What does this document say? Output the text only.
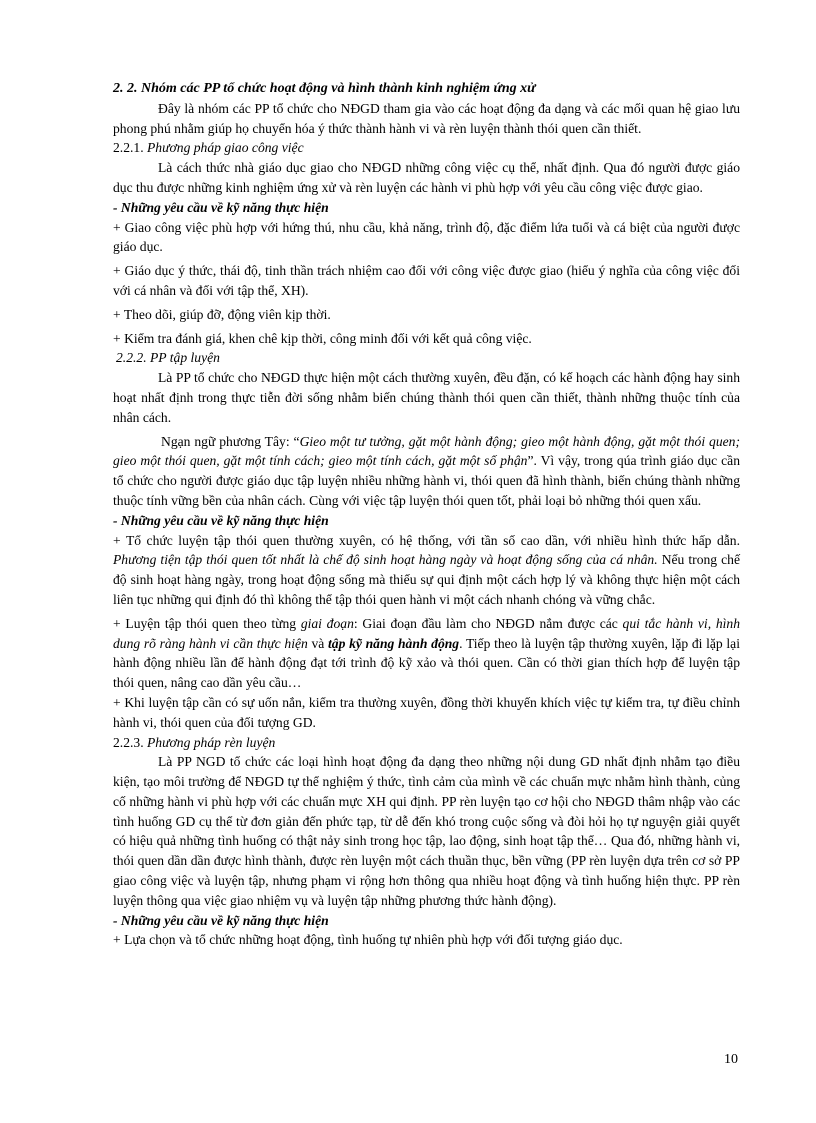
2. 2. Nhóm các PP tổ chức hoạt động và hình thành kinh nghiệm ứng xử

Đây là nhóm các PP tổ chức cho NĐGD tham gia vào các hoạt động đa dạng và các mối quan hệ giao lưu phong phú nhằm giúp họ chuyển hóa ý thức thành hành vi và rèn luyện thành thói quen cần thiết.

2.2.1. Phương pháp giao công việc

Là cách thức nhà giáo dục giao cho NĐGD những công việc cụ thể, nhất định. Qua đó người được giáo dục thu được những kinh nghiệm ứng xử và rèn luyện các hành vi phù hợp với yêu cầu công việc được giao.

- Những yêu cầu về kỹ năng thực hiện

+ Giao công việc phù hợp với hứng thú, nhu cầu, khả năng, trình độ, đặc điểm lứa tuổi và cá biệt của người được giáo dục.

+ Giáo dục ý thức, thái độ, tinh thần trách nhiệm cao đối với công việc được giao (hiểu ý nghĩa của công việc đối với cá nhân và đối với tập thể, XH).

+ Theo dõi, giúp đỡ, động viên kịp thời.

+ Kiểm tra đánh giá, khen chê kịp thời, công minh đối với kết quả công việc.

2.2.2. PP tập luyện

Là PP tổ chức cho NĐGD thực hiện một cách thường xuyên, đều đặn, có kế hoạch các hành động hay sinh hoạt nhất định trong thực tiễn đời sống nhằm biến chúng thành thói quen cần thiết, thành những thuộc tính của nhân cách.

Ngạn ngữ phương Tây: “Gieo một tư tưởng, gặt một hành động; gieo một hành động, gặt một thói quen; gieo một thói quen, gặt một tính cách; gieo một tính cách, gặt một số phận”. Vì vậy, trong qúa trình giáo dục cần tổ chức cho người được giáo dục tập luyện nhiều những hành vi, thói quen đã hình thành, biến chúng thành những thuộc tính vững bền của nhân cách. Cùng với việc tập luyện thói quen tốt, phải loại bỏ những thói quen xấu.

- Những yêu cầu về kỹ năng thực hiện

+ Tổ chức luyện tập thói quen thường xuyên, có hệ thống, với tần số cao dần, với nhiều hình thức hấp dẫn. Phương tiện tập thói quen tốt nhất là chế độ sinh hoạt hàng ngày và hoạt động sống của cá nhân. Nếu trong chế độ sinh hoạt hàng ngày, trong hoạt động sống mà thiếu sự qui định một cách hợp lý và không thực hiện một cách liên tục những qui định đó thì không thể tập thói quen hành vi một cách nhanh chóng và vững chắc.

+ Luyện tập thói quen theo từng giai đoạn: Giai đoạn đầu làm cho NĐGD nắm được các qui tắc hành vi, hình dung rõ ràng hành vi cần thực hiện và tập kỹ năng hành động. Tiếp theo là luyện tập thường xuyên, lặp đi lặp lại hành động nhiều lần để hành động đạt tới trình độ kỹ xảo và thói quen. Cần có thời gian thích hợp để luyện tập thói quen, nâng cao dần yêu cầu…

+ Khi luyện tập cần có sự uốn nắn, kiểm tra thường xuyên, đồng thời khuyến khích việc tự kiểm tra, tự điều chỉnh hành vi, thói quen của đối tượng GD.

2.2.3. Phương pháp rèn luyện

Là PP NGD tổ chức các loại hình hoạt động đa dạng theo những nội dung GD nhất định nhằm tạo điều kiện, tạo môi trường để NĐGD tự thể nghiệm ý thức, tình cảm của mình về các chuẩn mực nhằm hình thành, củng cố những hành vi phù hợp với các chuẩn mực XH qui định. PP rèn luyện tạo cơ hội cho NĐGD thâm nhập vào các tình huống GD cụ thể từ đơn giản đến phức tạp, từ dễ đến khó trong cuộc sống và đòi hỏi họ tự nguyện giải quyết có hiệu quả những tình huống có thật nảy sinh trong học tập, lao động, sinh hoạt tập thể… Qua đó, những hành vi, thói quen dần dần được hình thành, được rèn luyện một cách thuần thục, bền vững (PP rèn luyện dựa trên cơ sở PP giao công việc và luyện tập, nhưng phạm vi rộng hơn thông qua nhiều hoạt động và tình huống hiện thực. PP rèn luyện thông qua việc giao nhiệm vụ và luyện tập những phương thức hành động).

- Những yêu cầu về kỹ năng thực hiện

+ Lựa chọn và tổ chức những hoạt động, tình huống tự nhiên phù hợp với đối tượng giáo dục.

10
